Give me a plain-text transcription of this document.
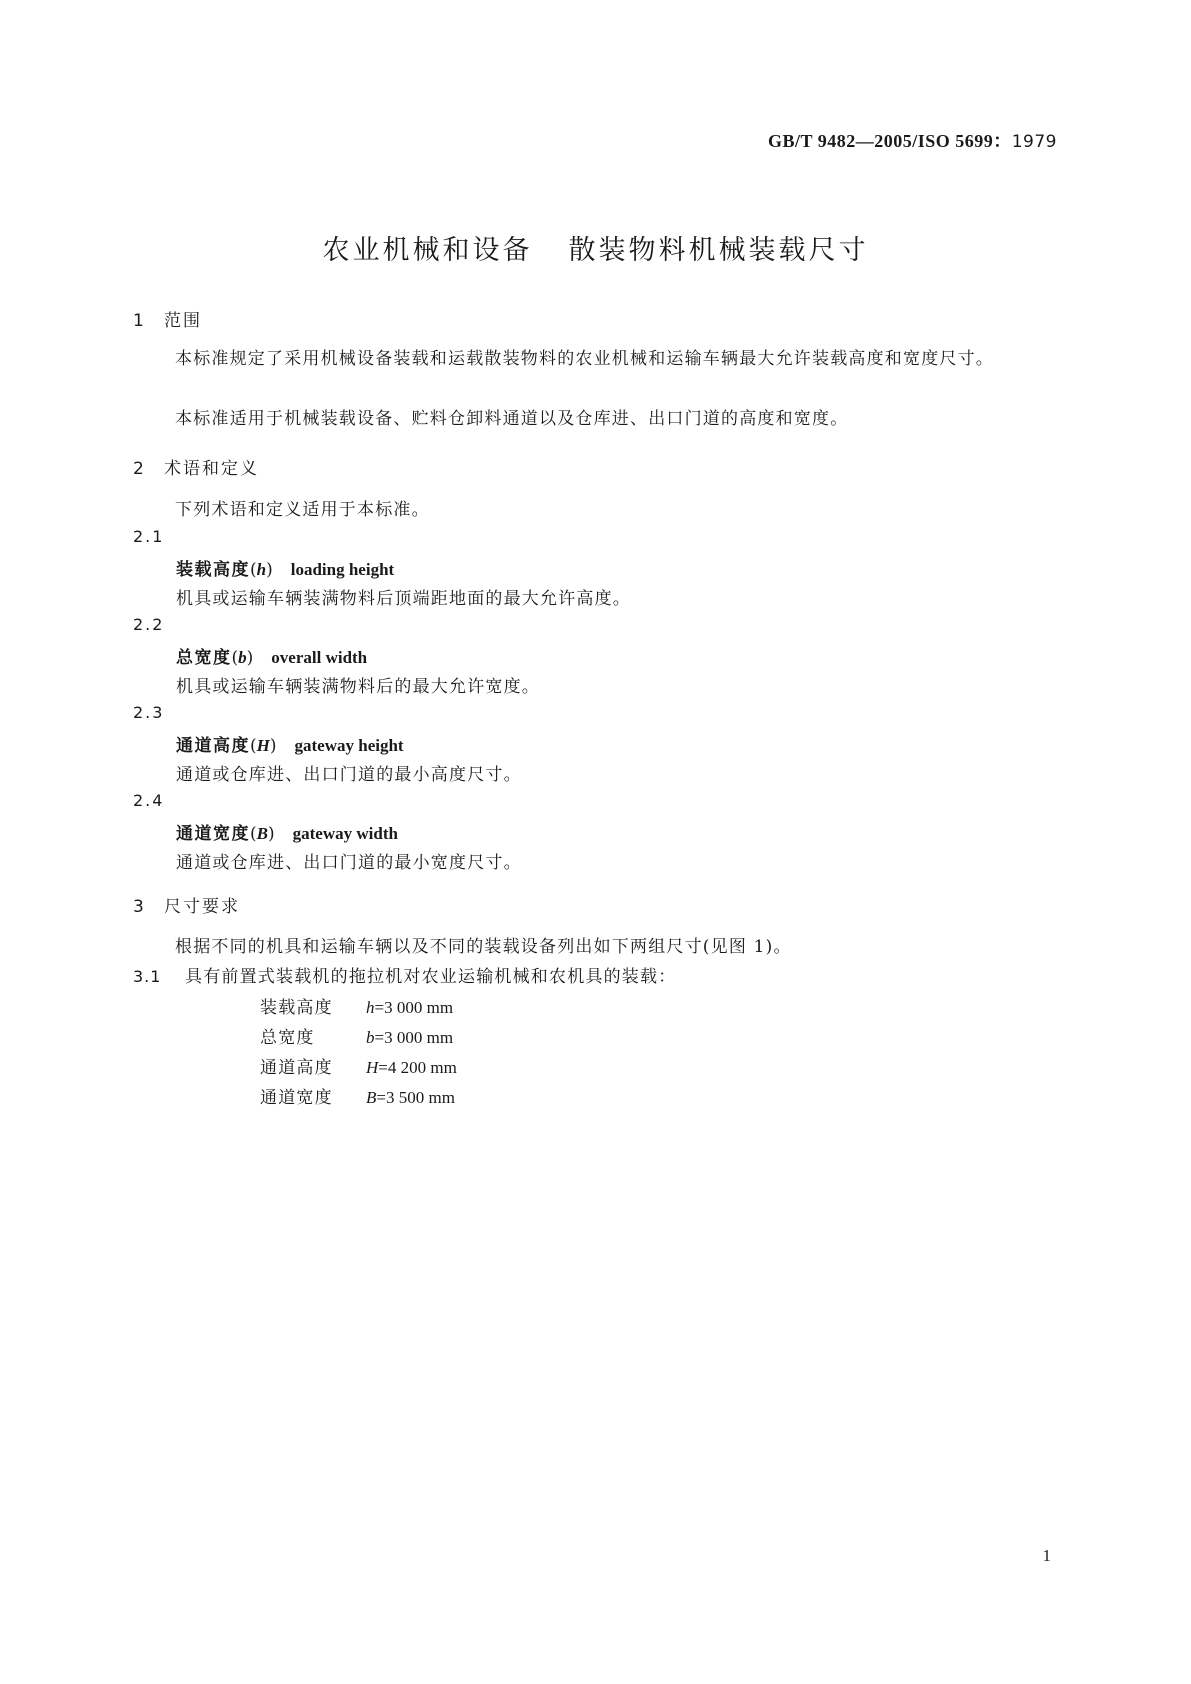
GB/T 9482—2005/ISO 5699：1979
农业机械和设备 散装物料机械装载尺寸
1 范围
本标准规定了采用机械设备装载和运载散装物料的农业机械和运输车辆最大允许装载高度和宽度尺寸。
本标准适用于机械装载设备、贮料仓卸料通道以及仓库进、出口门道的高度和宽度。
2 术语和定义
下列术语和定义适用于本标准。
2.1
装载高度(h) loading height
机具或运输车辆装满物料后顶端距地面的最大允许高度。
2.2
总宽度(b) overall width
机具或运输车辆装满物料后的最大允许宽度。
2.3
通道高度(H) gateway height
通道或仓库进、出口门道的最小高度尺寸。
2.4
通道宽度(B) gateway width
通道或仓库进、出口门道的最小宽度尺寸。
3 尺寸要求
根据不同的机具和运输车辆以及不同的装载设备列出如下两组尺寸(见图 1)。
3.1 具有前置式装载机的拖拉机对农业运输机械和农机具的装载：
装载高度 h=3 000 mm
总宽度	b=3 000 mm
通道高度 H=4 200 mm
通道宽度 B=3 500 mm
1
